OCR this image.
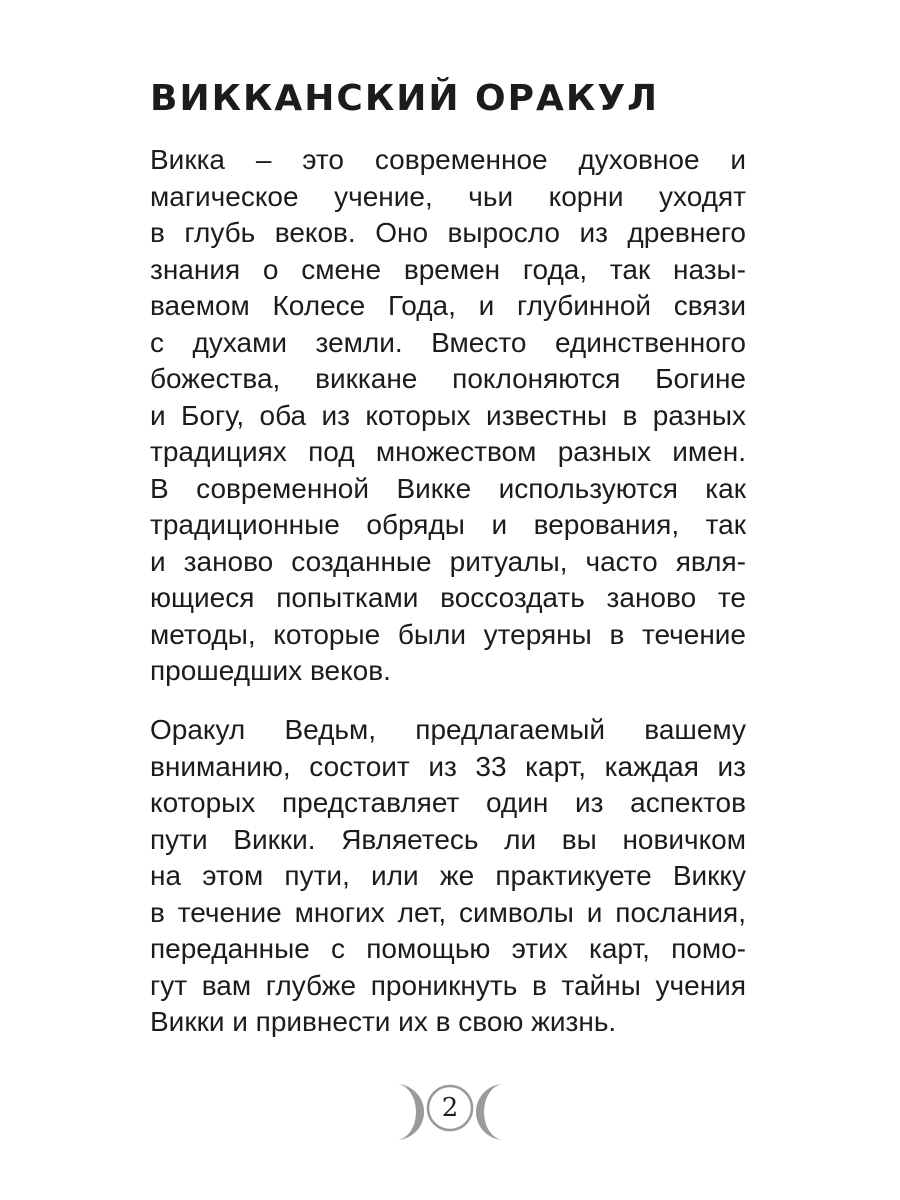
ВИККАНСКИЙ ОРАКУЛ

Викка – это современное духовное и
магическое учение, чьи корни уходят
в глубь веков. Оно выросло из древнего
знания о смене времен года, так назы-
ваемом Колесе Года, и глубинной связи
с духами земли. Вместо единственного
божества, виккане поклоняются Богине
и Богу, оба из которых известны в разных
традициях под множеством разных имен.
В современной Викке используются как
традиционные обряды и верования, так
и заново созданные ритуалы, часто явля-
ющиеся попытками воссоздать заново те
методы, которые были утеряны в течение
прошедших веков.

Оракул Ведьм, предлагаемый вашему
вниманию, состоит из 33 карт, каждая из
которых представляет один из аспектов
пути Викки. Являетесь ли вы новичком
на этом пути, или же практикуете Викку
в течение многих лет, символы и послания,
переданные с помощью этих карт, помо-
гут вам глубже проникнуть в тайны учения
Викки и привнести их в свою жизнь.

2
